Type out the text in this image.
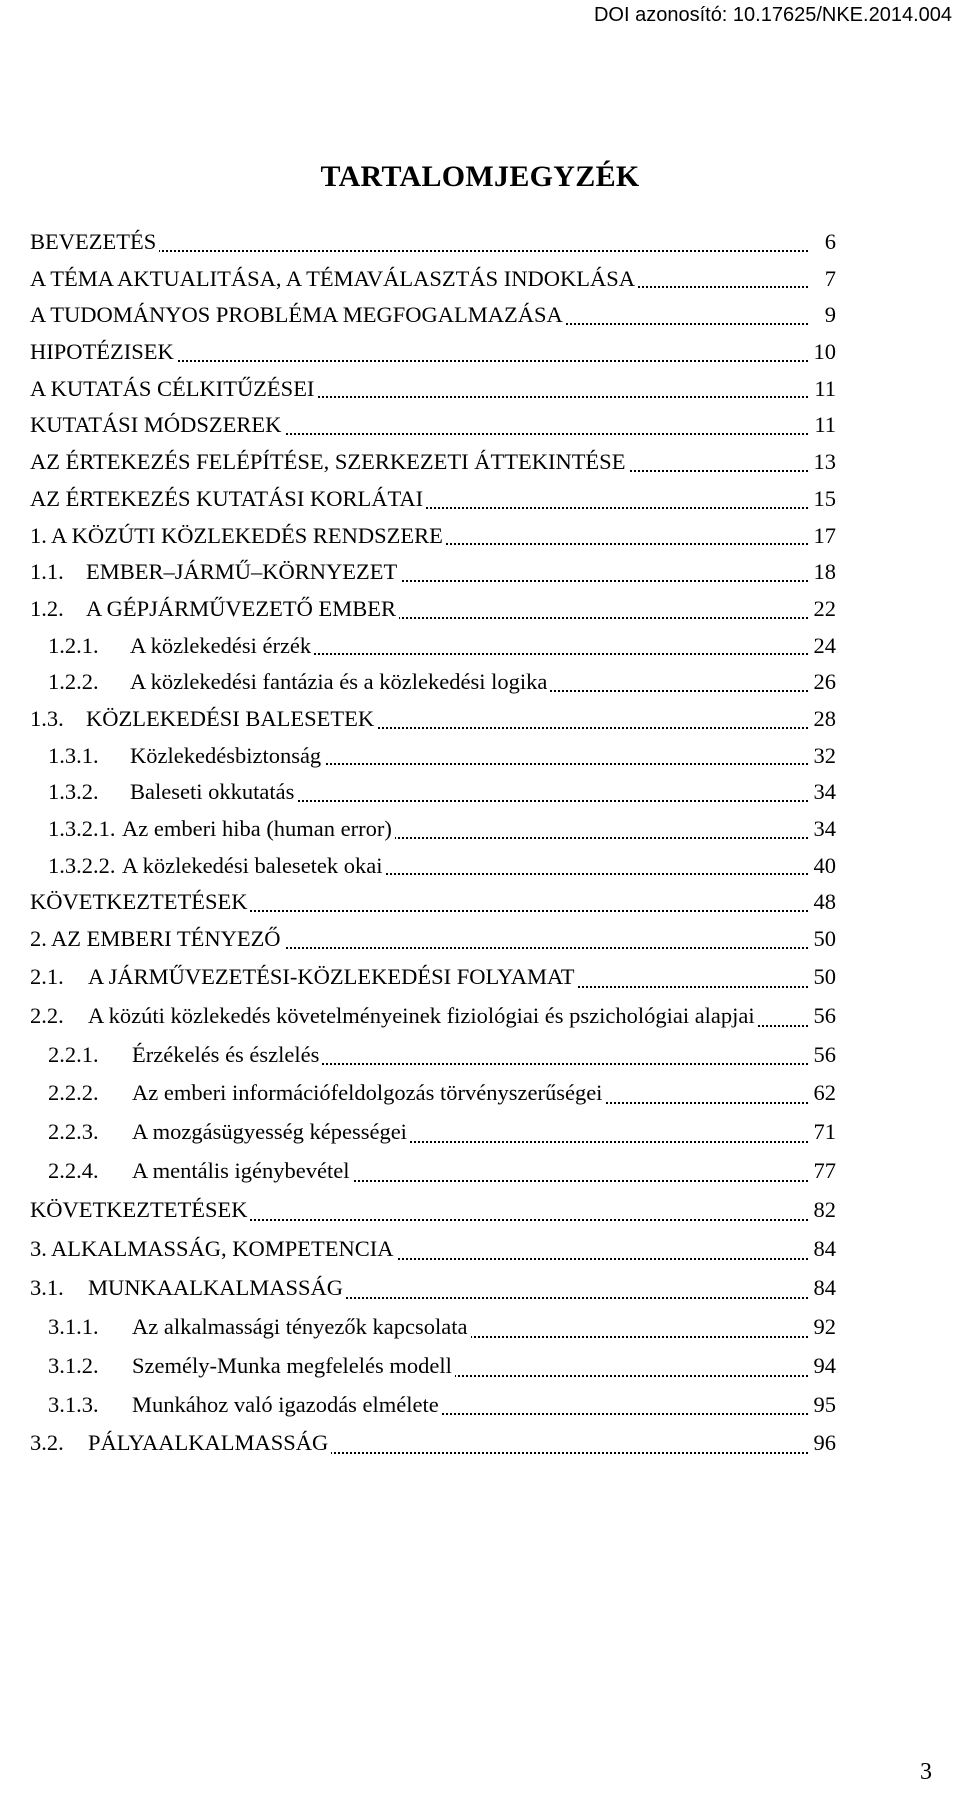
DOI azonosító: 10.17625/NKE.2014.004
TARTALOMJEGYZÉK
BEVEZETÉS	6
A TÉMA AKTUALITÁSA, A TÉMAVÁLASZTÁS INDOKLÁSA	7
A TUDOMÁNYOS PROBLÉMA MEGFOGALMAZÁSA	9
HIPOTÉZISEK	10
A KUTATÁS CÉLKITŰZÉSEI	11
KUTATÁSI MÓDSZEREK	11
AZ ÉRTEKEZÉS FELÉPÍTÉSE, SZERKEZETI ÁTTEKINTÉSE	13
AZ ÉRTEKEZÉS KUTATÁSI KORLÁTAI	15
1. A KÖZÚTI KÖZLEKEDÉS RENDSZERE	17
1.1. EMBER–JÁRMŰ–KÖRNYEZET	18
1.2. A GÉPJÁRMŰVEZETŐ EMBER	22
1.2.1. A közlekedési érzék	24
1.2.2. A közlekedési fantázia és a közlekedési logika	26
1.3. KÖZLEKEDÉSI BALESETEK	28
1.3.1. Közlekedésbiztonság	32
1.3.2. Baleseti okkutatás	34
1.3.2.1. Az emberi hiba (human error)	34
1.3.2.2. A közlekedési balesetek okai	40
KÖVETKEZTETÉSEK	48
2. AZ EMBERI TÉNYEZŐ	50
2.1. A JÁRMŰVEZETÉSI-KÖZLEKEDÉSI FOLYAMAT	50
2.2. A közúti közlekedés követelményeinek fiziológiai és pszichológiai alapjai	56
2.2.1. Érzékelés és észlelés	56
2.2.2. Az emberi információfeldolgozás törvényszerűségei	62
2.2.3. A mozgásügyesség képességei	71
2.2.4. A mentális igénybevétel	77
KÖVETKEZTETÉSEK	82
3. ALKALMASSÁG, KOMPETENCIA	84
3.1. MUNKAALKALMASSÁG	84
3.1.1. Az alkalmassági tényezők kapcsolata	92
3.1.2. Személy-Munka megfelelés modell	94
3.1.3. Munkához való igazodás elmélete	95
3.2. PÁLYAALKALMASSÁG	96
3
